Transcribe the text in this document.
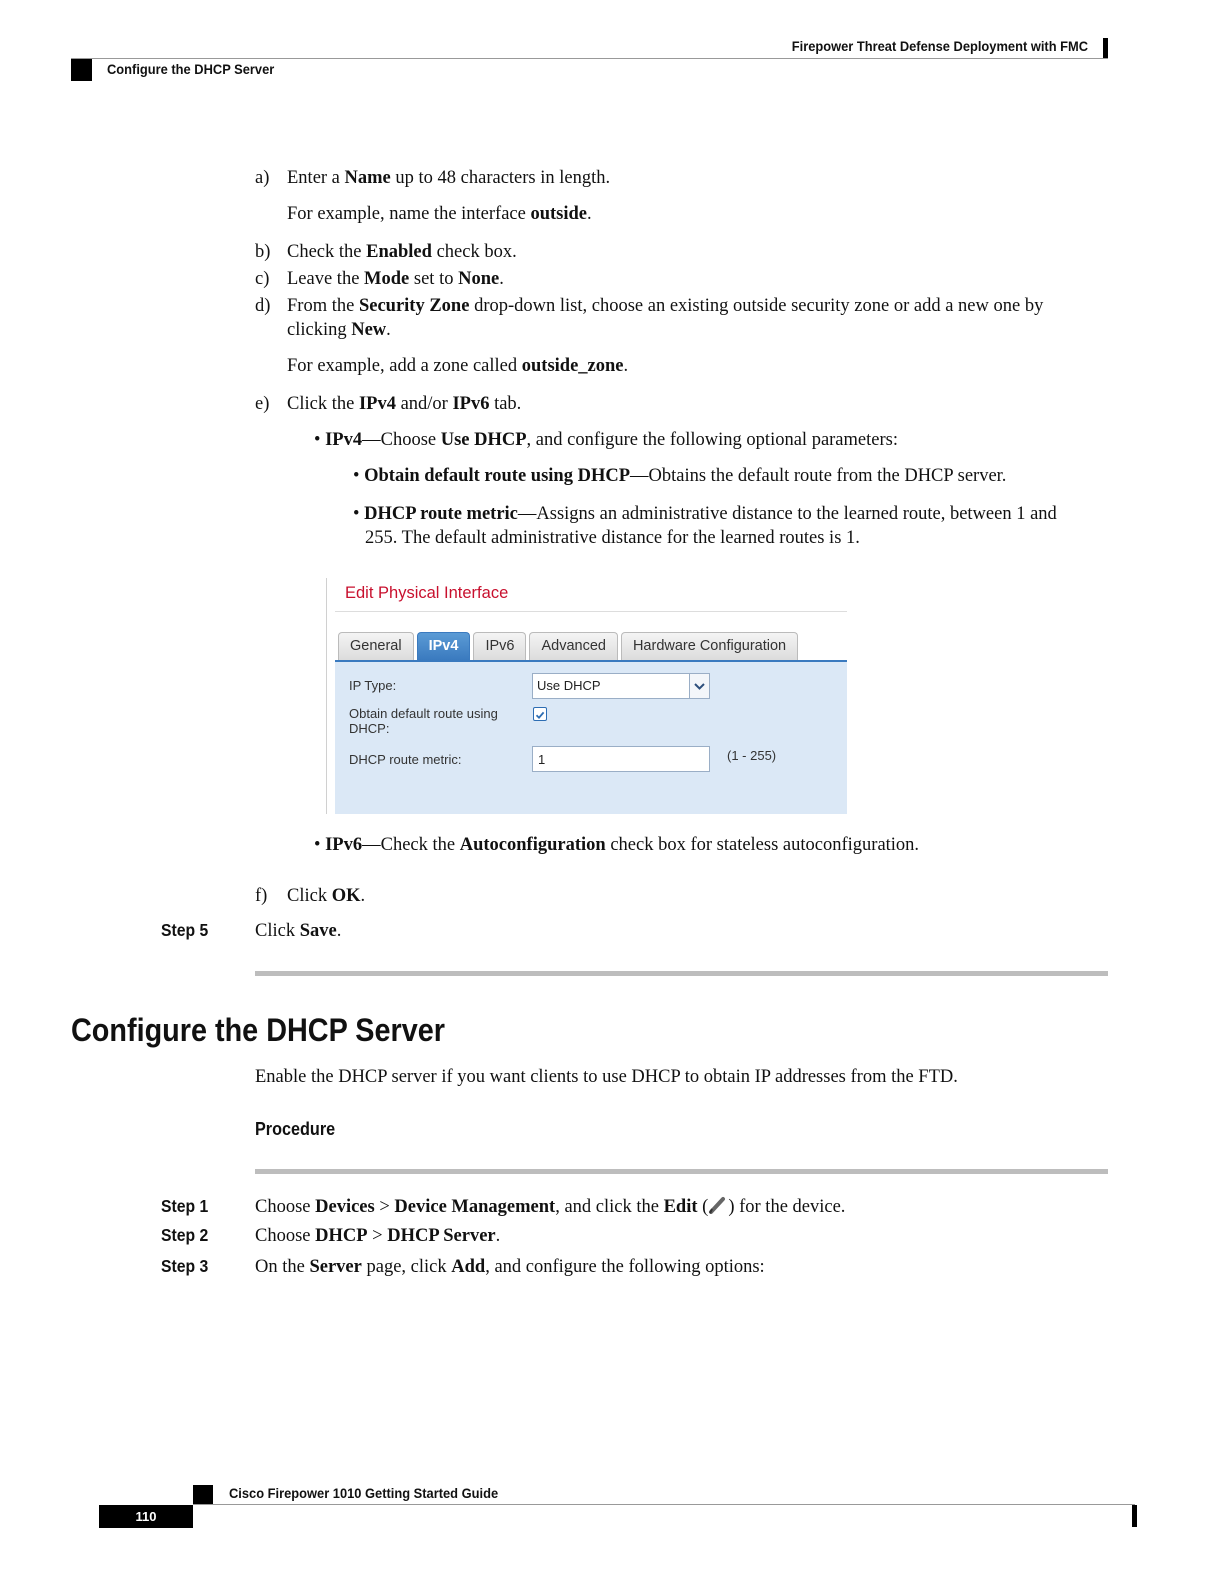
Firepower Threat Defense Deployment with FMC
Configure the DHCP Server
a) Enter a Name up to 48 characters in length.
For example, name the interface outside.
b) Check the Enabled check box.
c) Leave the Mode set to None.
d) From the Security Zone drop-down list, choose an existing outside security zone or add a new one by
clicking New.
For example, add a zone called outside_zone.
e) Click the IPv4 and/or IPv6 tab.
• IPv4—Choose Use DHCP, and configure the following optional parameters:
• Obtain default route using DHCP—Obtains the default route from the DHCP server.
• DHCP route metric—Assigns an administrative distance to the learned route, between 1 and
255. The default administrative distance for the learned routes is 1.
Edit Physical Interface
General	IPv4	IPv6	Advanced	Hardware Configuration
IP Type:	Use DHCP
Obtain default route using
DHCP:
DHCP route metric:	1	(1 - 255)
• IPv6—Check the Autoconfiguration check box for stateless autoconfiguration.
f) Click OK.
Step 5	Click Save.
Configure the DHCP Server
Enable the DHCP server if you want clients to use DHCP to obtain IP addresses from the FTD.
Procedure
Step 1	Choose Devices > Device Management, and click the Edit ( ) for the device.
Step 2	Choose DHCP > DHCP Server.
Step 3	On the Server page, click Add, and configure the following options:
Cisco Firepower 1010 Getting Started Guide
110
